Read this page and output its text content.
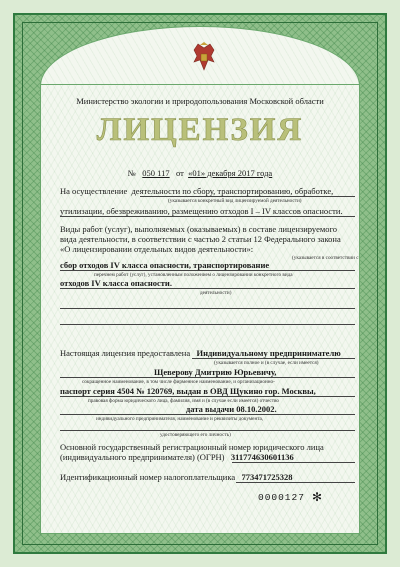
Министерство экологии и природопользования Московской области
ЛИЦЕНЗИЯ
№ 050 117 от «01» декабря 2017 года
На осуществление деятельности по сбору, транспортированию, обработке,
(указывается конкретный вид лицензируемой деятельности)
утилизации, обезвреживанию, размещению отходов I – IV классов опасности.
Виды работ (услуг), выполняемых (оказываемых) в составе лицензируемого
вида деятельности, в соответствии с частью 2 статьи 12 Федерального закона
«О лицензировании отдельных видов деятельности»:
(указывается в соответствии с
сбор отходов IV класса опасности, транспортирование
перечнем работ (услуг), установленным положением о лицензировании конкретного вида
отходов IV класса опасности.
деятельности)
Настоящая лицензия предоставлена Индивидуальному предпринимателю
(указывается полное и (в случае, если имеется)
Щеверову Дмитрию Юрьевичу,
сокращенное наименование, в том числе фирменное наименование, и организационно-
паспорт серия 4504 № 120769, выдан в ОВД Щукино гор. Москвы,
правовая форма юридического лица, фамилия, имя и (в случае если имеется) отчество
дата выдачи 08.10.2002.
индивидуального предпринимателя, наименование и реквизиты документа,
удостоверяющего его личность)
Основной государственный регистрационный номер юридического лица
(индивидуального предпринимателя) (ОГРН) 311774630601136
Идентификационный номер налогоплательщика 773471725328
0000127 ✻
